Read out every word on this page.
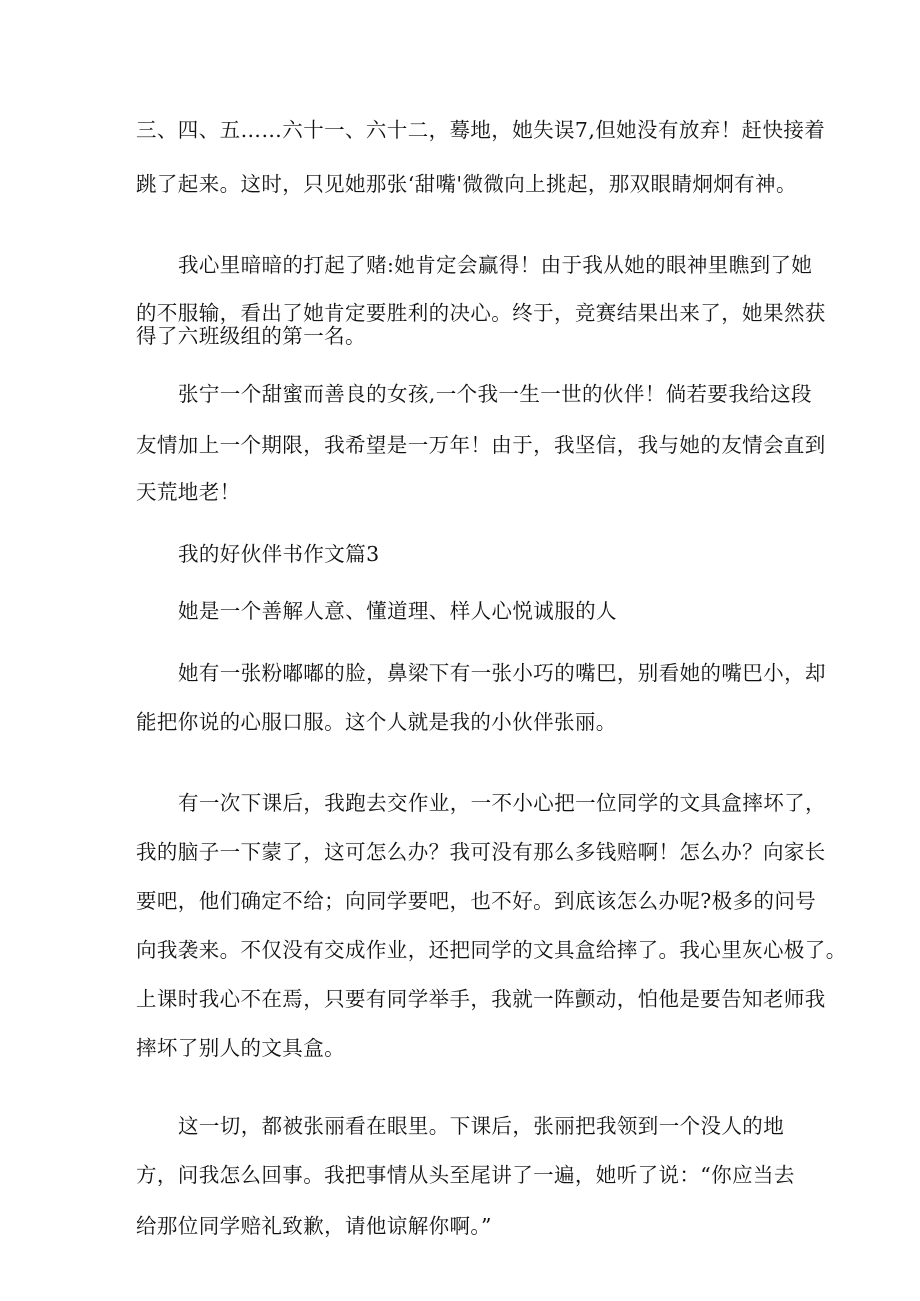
三、四、五……六十一、六十二，蓦地，她失误7,但她没有放弃！赶快接着
跳了起来。这时，只见她那张‘甜嘴'微微向上挑起，那双眼睛炯炯有神。
我心里暗暗的打起了赌:她肯定会赢得！由于我从她的眼神里瞧到了她
的不服输，看出了她肯定要胜利的决心。终于，竞赛结果出来了，她果然获
得了六班级组的第一名。
张宁一个甜蜜而善良的女孩,一个我一生一世的伙伴！倘若要我给这段
友情加上一个期限，我希望是一万年！由于，我坚信，我与她的友情会直到
天荒地老！
我的好伙伴书作文篇3
她是一个善解人意、懂道理、样人心悦诚服的人
她有一张粉嘟嘟的脸，鼻梁下有一张小巧的嘴巴，别看她的嘴巴小，却
能把你说的心服口服。这个人就是我的小伙伴张丽。
有一次下课后，我跑去交作业，一不小心把一位同学的文具盒摔坏了，
我的脑子一下蒙了，这可怎么办？我可没有那么多钱赔啊！怎么办？向家长
要吧，他们确定不给；向同学要吧，也不好。到底该怎么办呢?极多的问号
向我袭来。不仅没有交成作业，还把同学的文具盒给摔了。我心里灰心极了。
上课时我心不在焉，只要有同学举手，我就一阵颤动，怕他是要告知老师我
摔坏了别人的文具盒。
这一切，都被张丽看在眼里。下课后，张丽把我领到一个没人的地
方，问我怎么回事。我把事情从头至尾讲了一遍，她听了说：“你应当去
给那位同学赔礼致歉，请他谅解你啊。”
